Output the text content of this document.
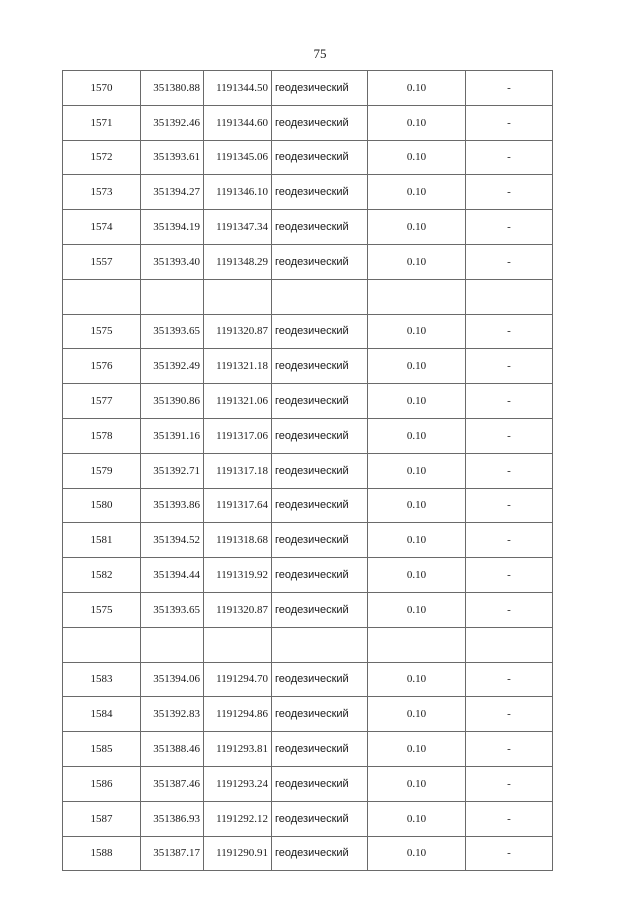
75
1570	351380.88	1191344.50	геодезический	0.10	-
1571	351392.46	1191344.60	геодезический	0.10	-
1572	351393.61	1191345.06	геодезический	0.10	-
1573	351394.27	1191346.10	геодезический	0.10	-
1574	351394.19	1191347.34	геодезический	0.10	-
1557	351393.40	1191348.29	геодезический	0.10	-

1575	351393.65	1191320.87	геодезический	0.10	-
1576	351392.49	1191321.18	геодезический	0.10	-
1577	351390.86	1191321.06	геодезический	0.10	-
1578	351391.16	1191317.06	геодезический	0.10	-
1579	351392.71	1191317.18	геодезический	0.10	-
1580	351393.86	1191317.64	геодезический	0.10	-
1581	351394.52	1191318.68	геодезический	0.10	-
1582	351394.44	1191319.92	геодезический	0.10	-
1575	351393.65	1191320.87	геодезический	0.10	-

1583	351394.06	1191294.70	геодезический	0.10	-
1584	351392.83	1191294.86	геодезический	0.10	-
1585	351388.46	1191293.81	геодезический	0.10	-
1586	351387.46	1191293.24	геодезический	0.10	-
1587	351386.93	1191292.12	геодезический	0.10	-
1588	351387.17	1191290.91	геодезический	0.10	-
